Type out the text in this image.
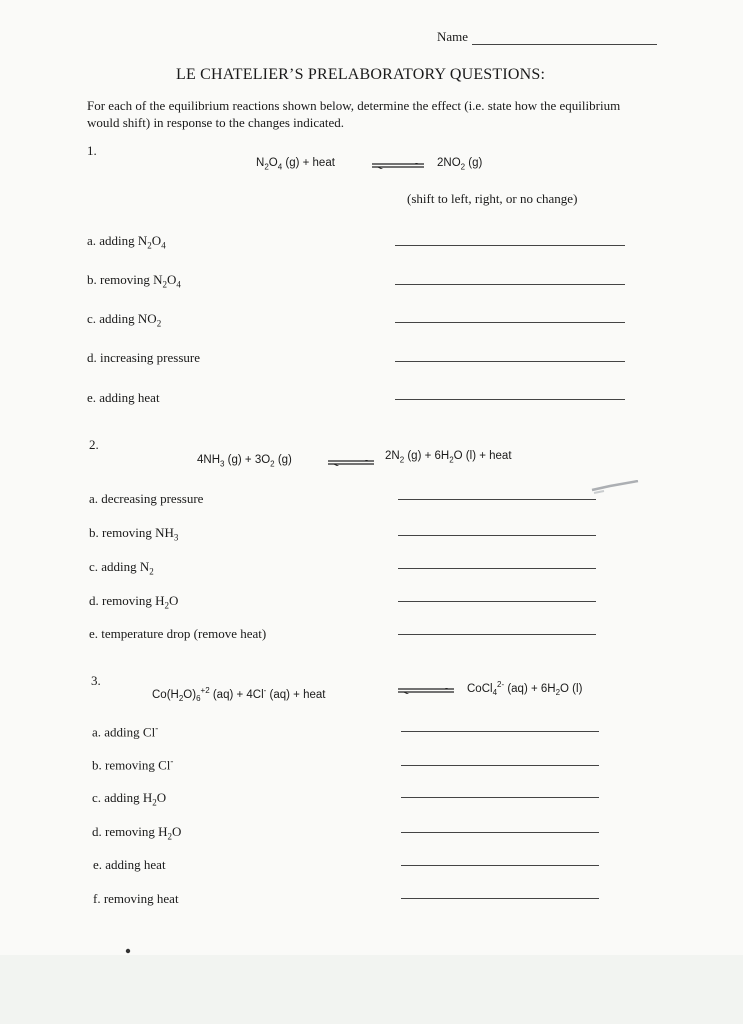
Name
LE CHATELIER’S PRELABORATORY QUESTIONS:
For each of the equilibrium reactions shown below, determine the effect (i.e. state how the equilibrium would shift) in response to the changes indicated.
1.
$N_2O_4$ (g) + heat ⇌ $2NO_2$ (g)
(shift to left, right, or no change)
a. adding $N_2O_4$
b. removing $N_2O_4$
c. adding $NO_2$
d. increasing pressure
e. adding heat
2.
$4NH_3$ $(g) + 3O_2$ (g)	$2N_2$ $(g) + 6H_2O$ (l) + heat
a. decreasing pressure
b. removing $NH_3$
c. adding $N_2$
d. removing $H_2O$
e. temperature drop (remove heat)
3.
$Co(H_2O)_6^{+2}$ (aq) + 4Cl- (aq) + heat	⇌ CoCl$_4^{2-}$ $(aq) + 6H_2O$ (l)
a. adding Cl-
b. removing Cl-
c. adding $H_2O$
d. removing $H_2O$
e. adding heat
f. removing heat
